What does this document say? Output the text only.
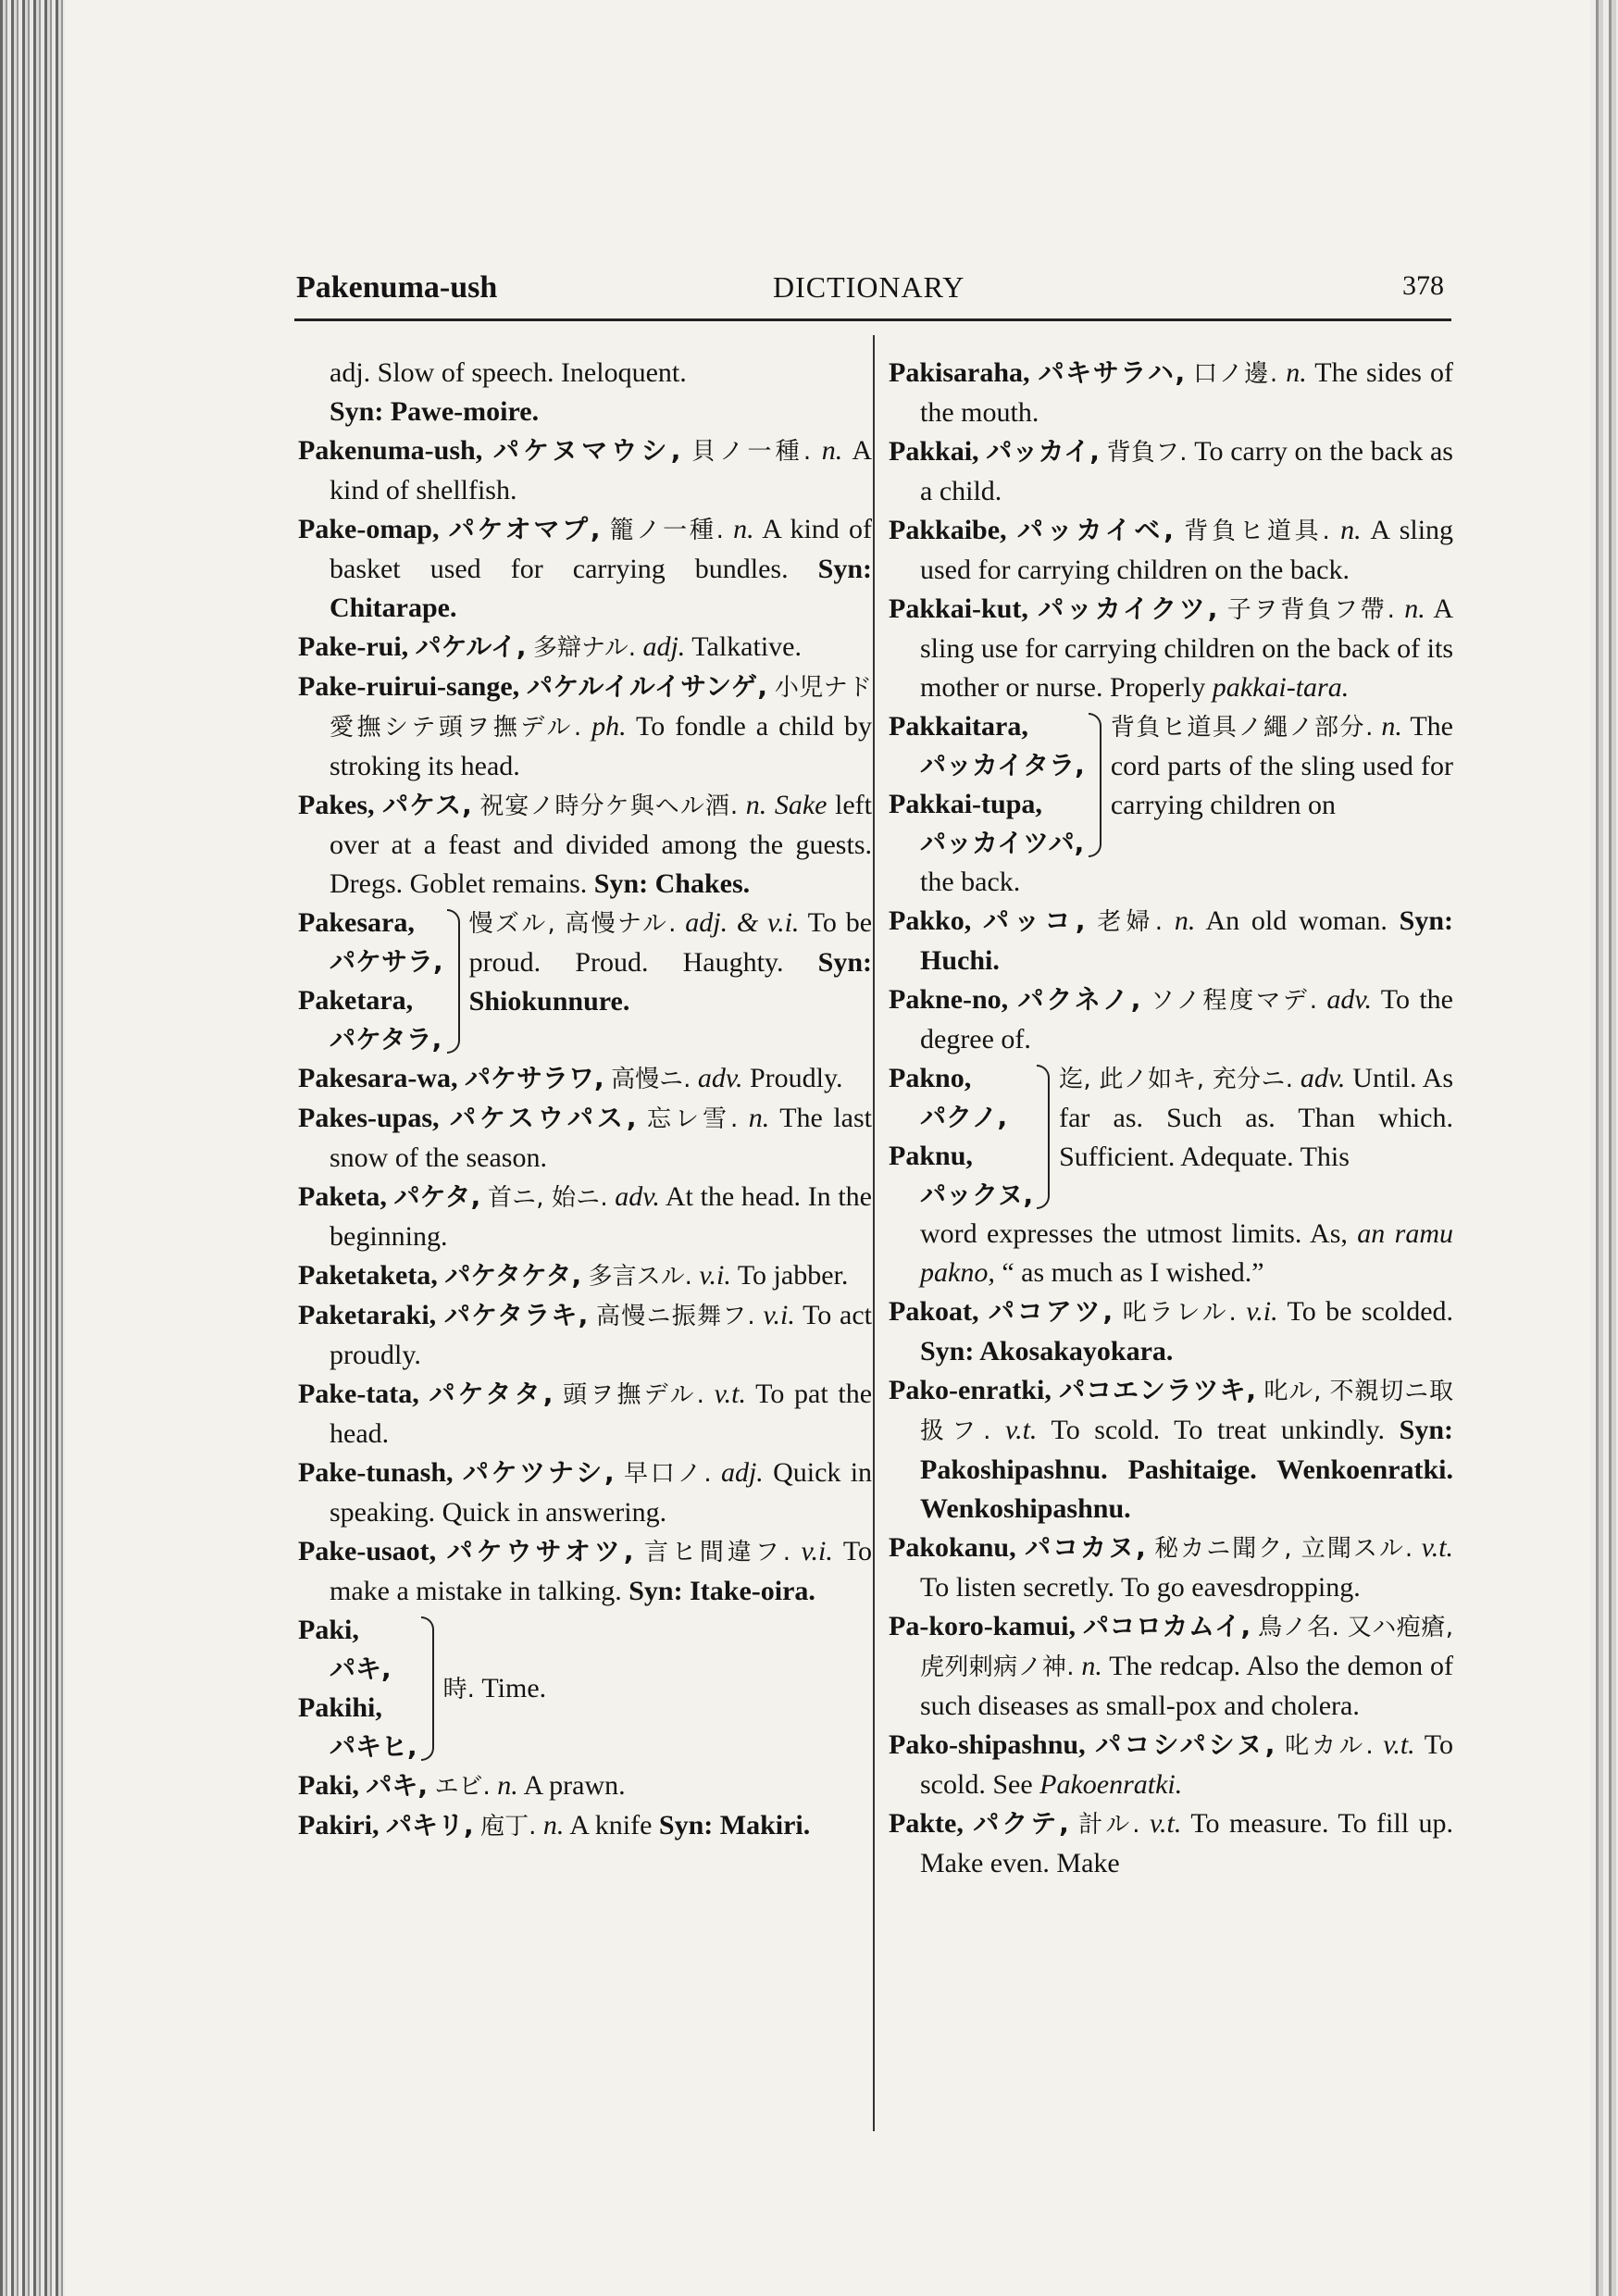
Pakenuma-ush	DICTIONARY	378
adj. Slow of speech. Ineloquent.
Syn: Pawe-moire.
Pakenuma-ush, パケヌマウシ, 貝ノ一種. n. A kind of shellfish.
Pake-omap, パケオマプ, 籠ノ一種. n. A kind of basket used for carrying bundles. Syn: Chitarape.
Pake-rui, パケルイ, 多辯ナル. adj. Talkative.
Pake-ruirui-sange, パケルイルイサンゲ, 小児ナド愛撫シテ頭ヲ撫デル. ph. To fondle a child by stroking its head.
Pakes, パケス, 祝宴ノ時分ケ與ヘル酒. n. Sake left over at a feast and divided among the guests. Dregs. Goblet remains. Syn: Chakes.
Pakesara,
パケサラ,
Paketara,
パケタラ,
慢ズル, 高慢ナル. adj. & v.i. To be proud. Proud. Haughty. Syn: Shiokunnure.
Pakesara-wa, パケサラワ, 高慢ニ. adv. Proudly.
Pakes-upas, パケスウパス, 忘レ雪. n. The last snow of the season.
Paketa, パケタ, 首ニ, 始ニ. adv. At the head. In the beginning.
Paketaketa, パケタケタ, 多言スル. v.i. To jabber.
Paketaraki, パケタラキ, 高慢ニ振舞フ. v.i. To act proudly.
Pake-tata, パケタタ, 頭ヲ撫デル. v.t. To pat the head.
Pake-tunash, パケツナシ, 早口ノ. adj. Quick in speaking. Quick in answering.
Pake-usaot, パケウサオツ, 言ヒ間違フ. v.i. To make a mistake in talking. Syn: Itake-oira.
Paki,
パキ,
Pakihi,
パキヒ,
時. Time.
Paki, パキ, エビ. n. A prawn.
Pakiri, パキリ, 庖丁. n. A knife Syn: Makiri.
Pakisaraha, パキサラハ, 口ノ邊. n. The sides of the mouth.
Pakkai, パッカイ, 背負フ. To carry on the back as a child.
Pakkaibe, パッカイベ, 背負ヒ道具. n. A sling used for carrying children on the back.
Pakkai-kut, パッカイクツ, 子ヲ背負フ帶. n. A sling use for carrying children on the back of its mother or nurse. Properly pakkai-tara.
Pakkaitara,
パッカイタラ,
Pakkai-tupa,
パッカイツパ,
背負ヒ道具ノ繩ノ部分. n. The cord parts of the sling used for carrying children on
the back.
Pakko, パッコ, 老婦. n. An old woman. Syn: Huchi.
Pakne-no, パクネノ, ソノ程度マデ. adv. To the degree of.
Pakno,
パクノ,
Paknu,
パックヌ,
迄, 此ノ如キ, 充分ニ. adv. Until. As far as. Such as. Than which. Sufficient. Adequate. This
word expresses the utmost limits. As, an ramu pakno, “ as much as I wished.”
Pakoat, パコアツ, 叱ラレル. v.i. To be scolded. Syn: Akosakayokara.
Pako-enratki, パコエンラツキ, 叱ル, 不親切ニ取扱フ. v.t. To scold. To treat unkindly. Syn: Pakoshipashnu. Pashitaige. Wenkoenratki. Wenkoshipashnu.
Pakokanu, パコカヌ, 秘カニ聞ク, 立聞スル. v.t. To listen secretly. To go eavesdropping.
Pa-koro-kamui, パコロカムイ, 鳥ノ名. 又ハ疱瘡, 虎列剌病ノ神. n. The redcap. Also the demon of such diseases as small-pox and cholera.
Pako-shipashnu, パコシパシヌ, 叱カル. v.t. To scold. See Pakoenratki.
Pakte, パクテ, 計ル. v.t. To measure. To fill up. Make even. Make
